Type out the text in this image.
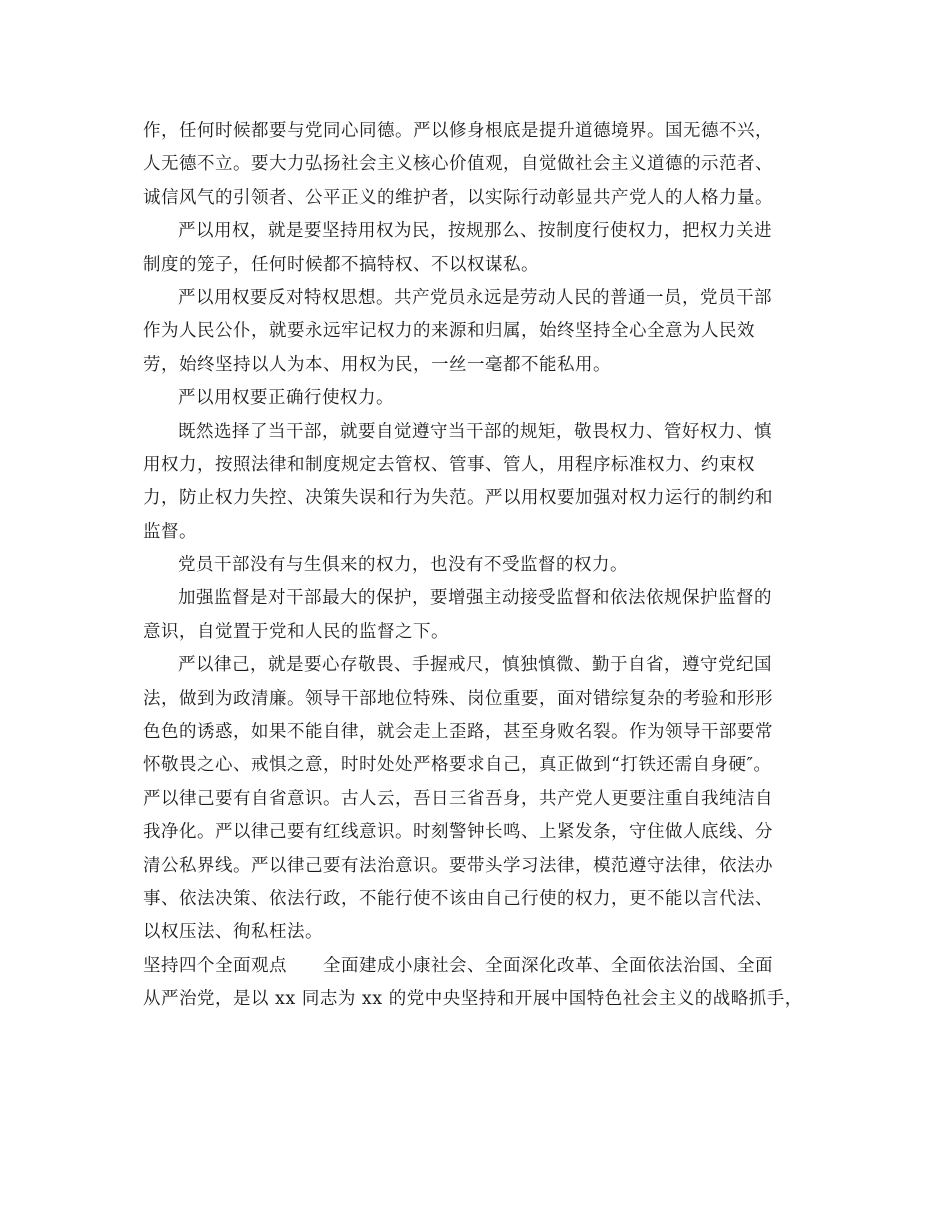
作，任何时候都要与党同心同德。严以修身根底是提升道德境界。国无德不兴，
人无德不立。要大力弘扬社会主义核心价值观，自觉做社会主义道德的示范者、
诚信风气的引领者、公平正义的维护者，以实际行动彰显共产党人的人格力量。
严以用权，就是要坚持用权为民，按规那么、按制度行使权力，把权力关进
制度的笼子，任何时候都不搞特权、不以权谋私。
严以用权要反对特权思想。共产党员永远是劳动人民的普通一员，党员干部
作为人民公仆，就要永远牢记权力的来源和归属，始终坚持全心全意为人民效
劳，始终坚持以人为本、用权为民，一丝一毫都不能私用。
严以用权要正确行使权力。
既然选择了当干部，就要自觉遵守当干部的规矩，敬畏权力、管好权力、慎
用权力，按照法律和制度规定去管权、管事、管人，用程序标准权力、约束权
力，防止权力失控、决策失误和行为失范。严以用权要加强对权力运行的制约和
监督。
党员干部没有与生俱来的权力，也没有不受监督的权力。
加强监督是对干部最大的保护，要增强主动接受监督和依法依规保护监督的
意识，自觉置于党和人民的监督之下。
严以律己，就是要心存敬畏、手握戒尺，慎独慎微、勤于自省，遵守党纪国
法，做到为政清廉。领导干部地位特殊、岗位重要，面对错综复杂的考验和形形
色色的诱惑，如果不能自律，就会走上歪路，甚至身败名裂。作为领导干部要常
怀敬畏之心、戒惧之意，时时处处严格要求自己，真正做到“打铁还需自身硬″。
严以律己要有自省意识。古人云，吾日三省吾身，共产党人更要注重自我纯洁自
我净化。严以律己要有红线意识。时刻警钟长鸣、上紧发条，守住做人底线、分
清公私界线。严以律己要有法治意识。要带头学习法律，模范遵守法律，依法办
事、依法决策、依法行政，不能行使不该由自己行使的权力，更不能以言代法、
以权压法、徇私枉法。
坚持四个全面观点 全面建成小康社会、全面深化改革、全面依法治国、全面
从严治党，是以 xx 同志为 xx 的党中央坚持和开展中国特色社会主义的战略抓手，
